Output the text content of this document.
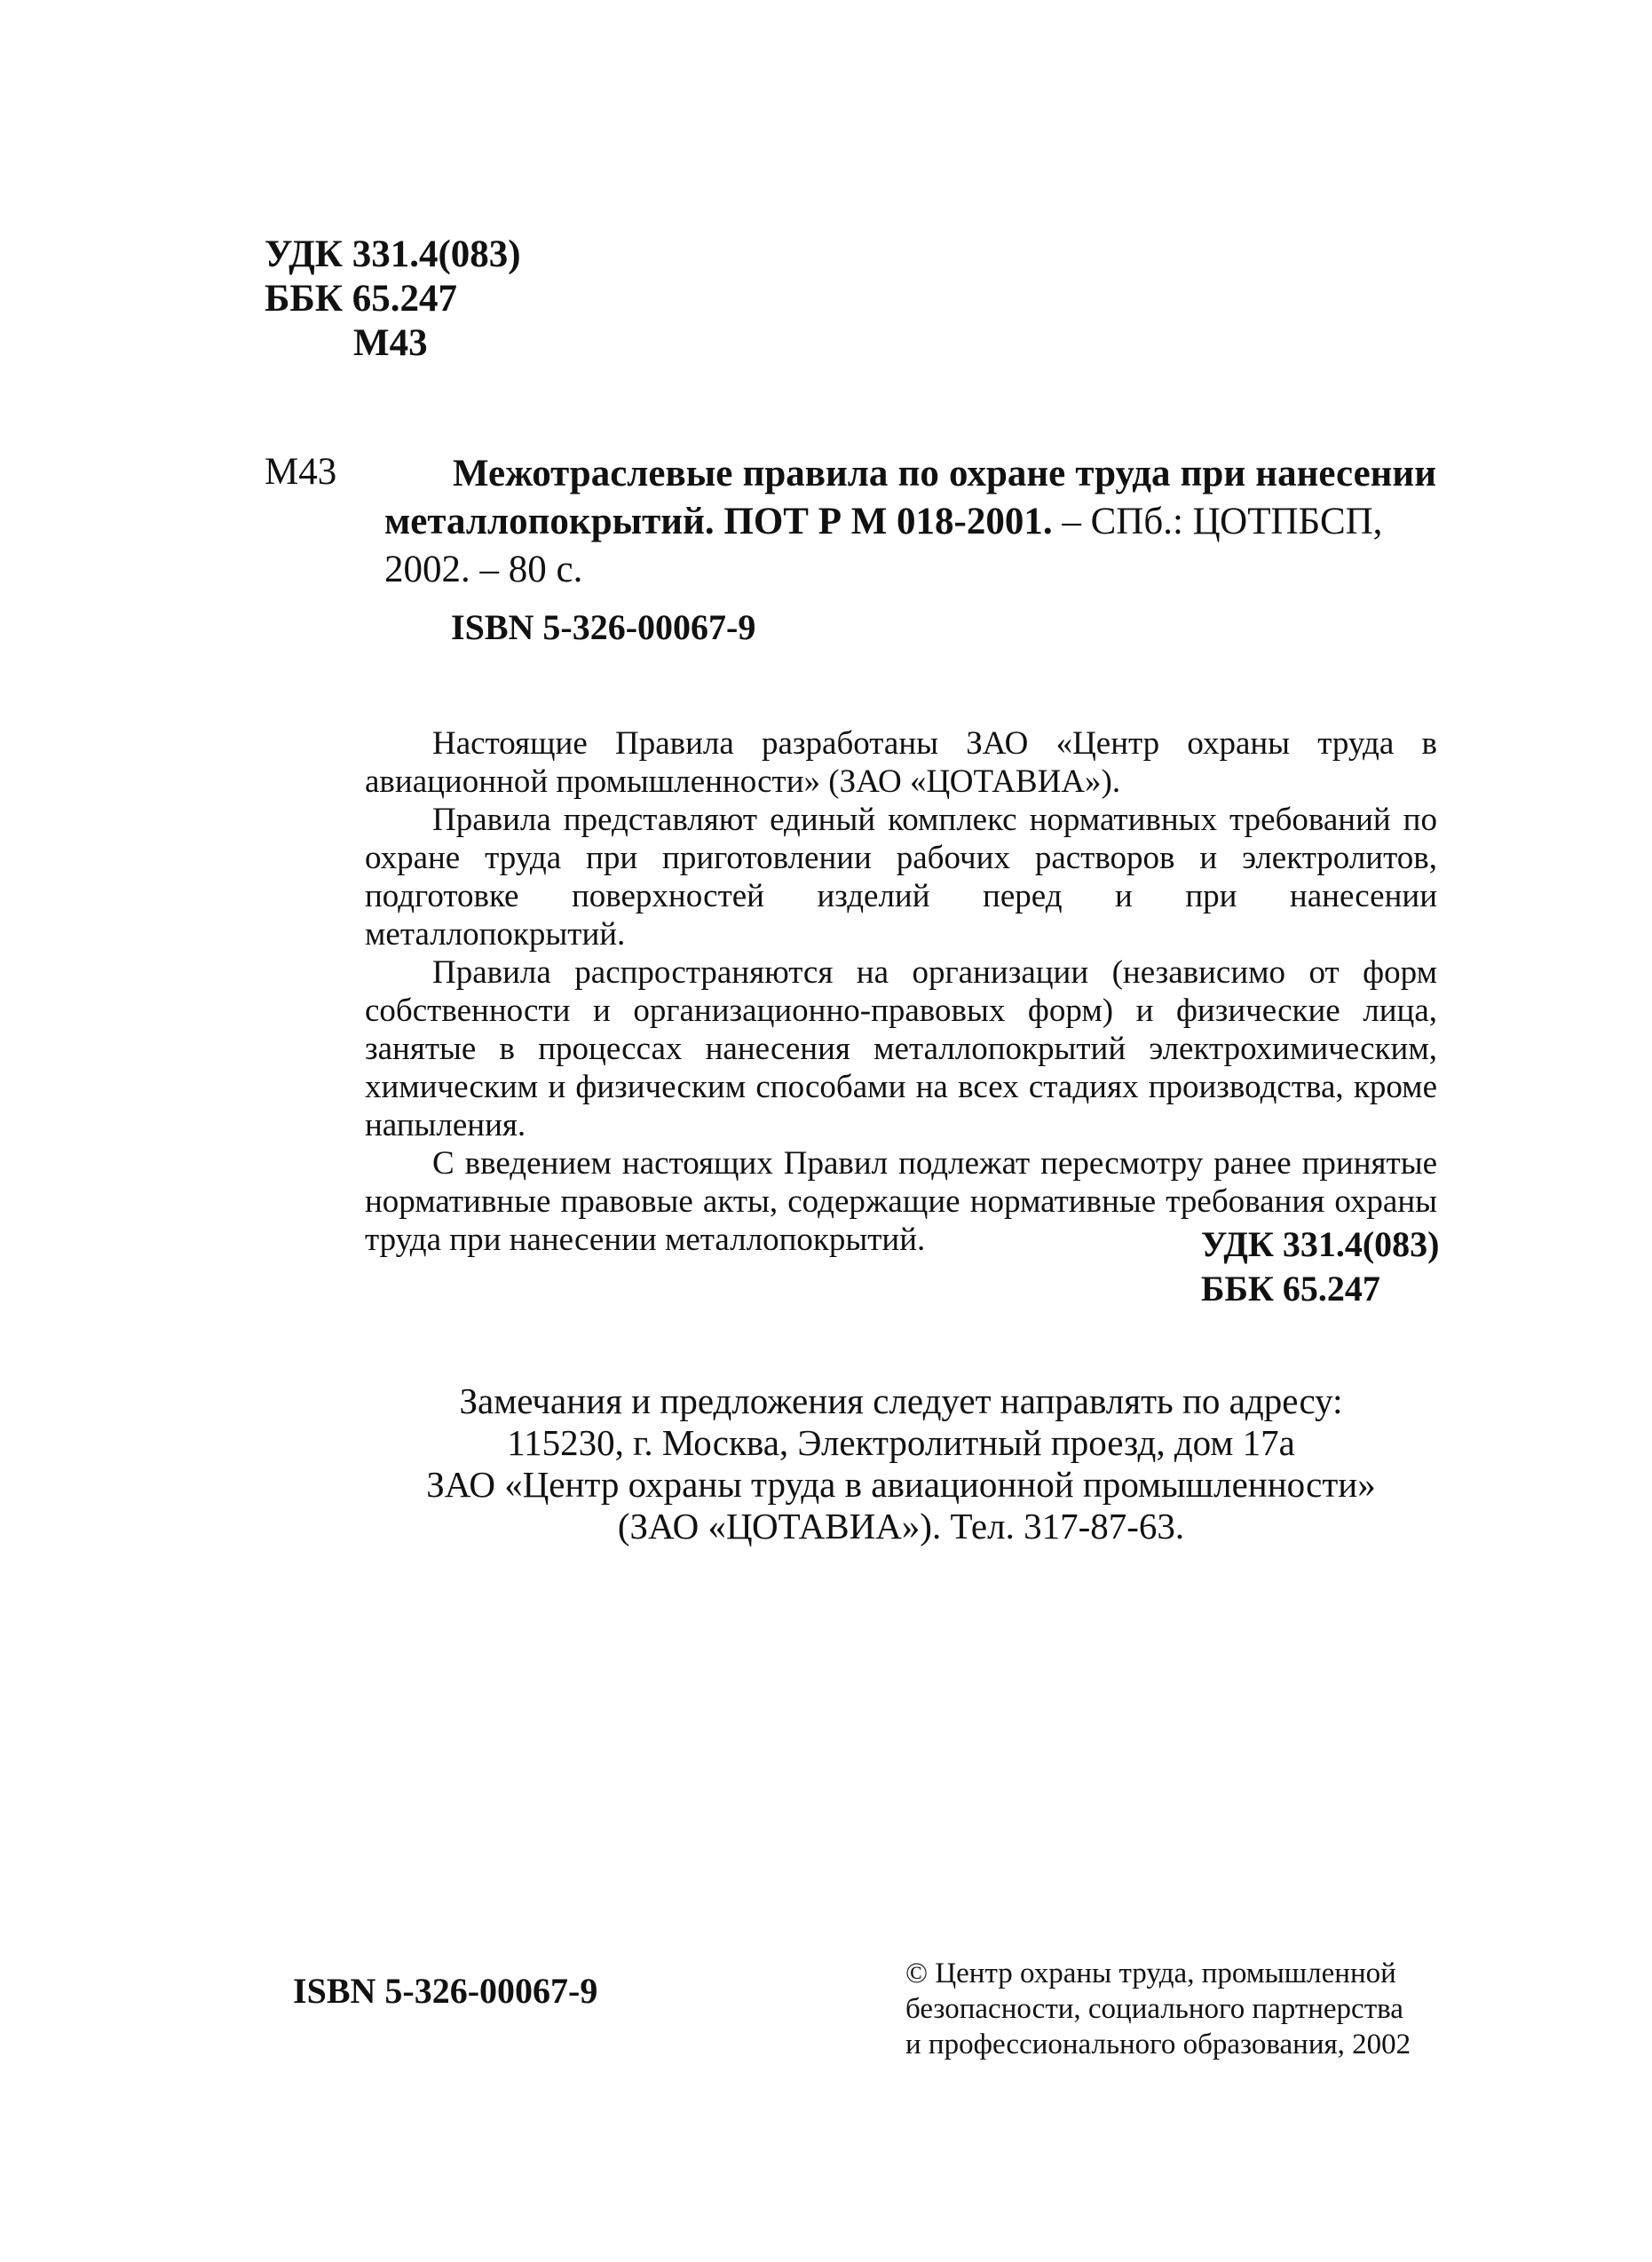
УДК 331.4(083)
ББК 65.247
М43
М43	Межотраслевые правила по охране труда при нанесении металлопокрытий. ПОТ Р М 018-2001. – СПб.: ЦОТПБСП,
2002. – 80 с.
ISBN 5-326-00067-9

Настоящие Правила разработаны ЗАО «Центр охраны труда в авиационной промышленности» (ЗАО «ЦОТАВИА»).

Правила представляют единый комплекс нормативных требований по охране труда при приготовлении рабочих растворов и электролитов, подготовке поверхностей изделий перед и при нанесении металлопокрытий.

Правила распространяются на организации (независимо от форм собственности и организационно-правовых форм) и физические лица, занятые в процессах нанесения металлопокрытий электрохимическим, химическим и физическим способами на всех стадиях производства, кроме напыления.

С введением настоящих Правил подлежат пересмотру ранее принятые нормативные правовые акты, содержащие нормативные требования охраны труда при нанесении металлопокрытий.	УДК 331.4(083)
ББК 65.247
Замечания и предложения следует направлять по адресу:
115230, г. Москва, Электролитный проезд, дом 17а
ЗАО «Центр охраны труда в авиационной промышленности»
(ЗАО «ЦОТАВИА»). Тел. 317-87-63.
ISBN 5-326-00067-9	© Центр охраны труда, промышленной
безопасности, социального партнерства
и профессионального образования, 2002
